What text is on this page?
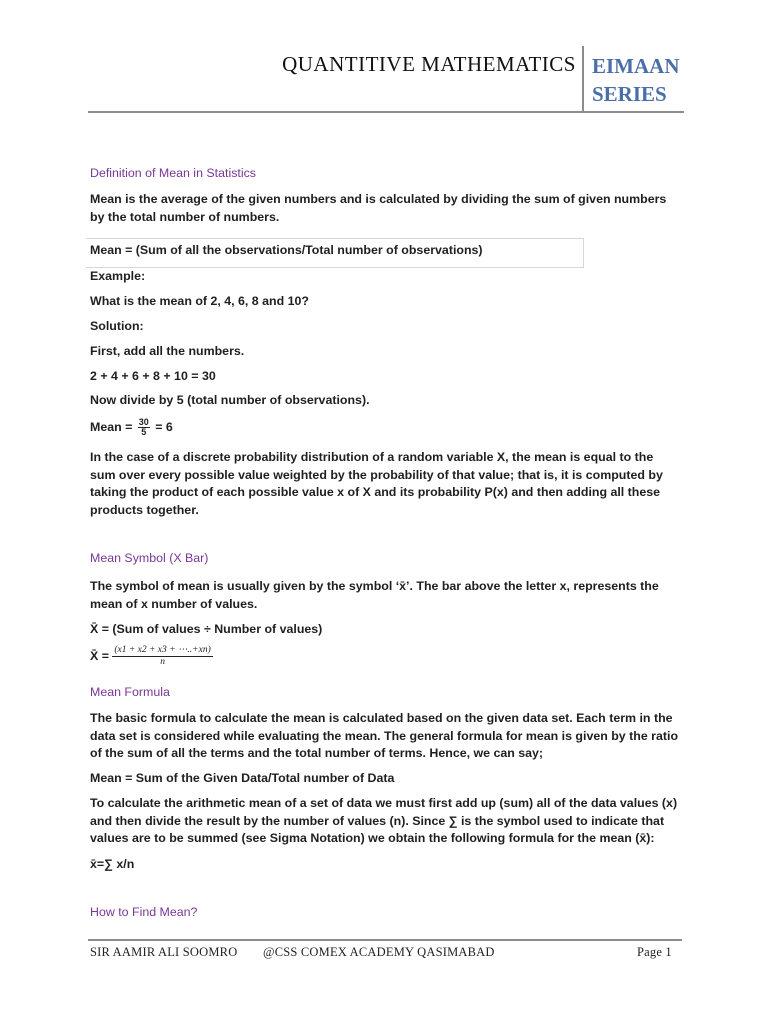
QUANTITIVE MATHEMATICS EIMAAN
SERIES
Definition of Mean in Statistics
Mean is the average of the given numbers and is calculated by dividing the sum of given numbers by the total number of numbers.
Mean = (Sum of all the observations/Total number of observations)
Example:
What is the mean of 2, 4, 6, 8 and 10?
Solution:
First, add all the numbers.
2 + 4 + 6 + 8 + 10 = 30
Now divide by 5 (total number of observations).
Mean = $\frac{30}{5} = 6$
In the case of a discrete probability distribution of a random variable X, the mean is equal to the sum over every possible value weighted by the probability of that value; that is, it is computed by taking the product of each possible value x of X and its probability P(x) and then adding all these products together.
Mean Symbol (X Bar)
The symbol of mean is usually given by the symbol ‘x̄’. The bar above the letter x, represents the mean of x number of values.
X̄ = (Sum of values ÷ Number of values)
X̄ = $\frac{(x1 + x2 + x3 + \cdots..+xn)}{n}$
Mean Formula
The basic formula to calculate the mean is calculated based on the given data set. Each term in the data set is considered while evaluating the mean. The general formula for mean is given by the ratio of the sum of all the terms and the total number of terms. Hence, we can say;
Mean = Sum of the Given Data/Total number of Data
To calculate the arithmetic mean of a set of data we must first add up (sum) all of the data values (x) and then divide the result by the number of values (n). Since ∑ is the symbol used to indicate that values are to be summed (see Sigma Notation) we obtain the following formula for the mean (x̄):
x̄=∑ x/n
How to Find Mean?
SIR AAMIR ALI SOOMRO @CSS COMEX ACADEMY QASIMABAD	Page 1
